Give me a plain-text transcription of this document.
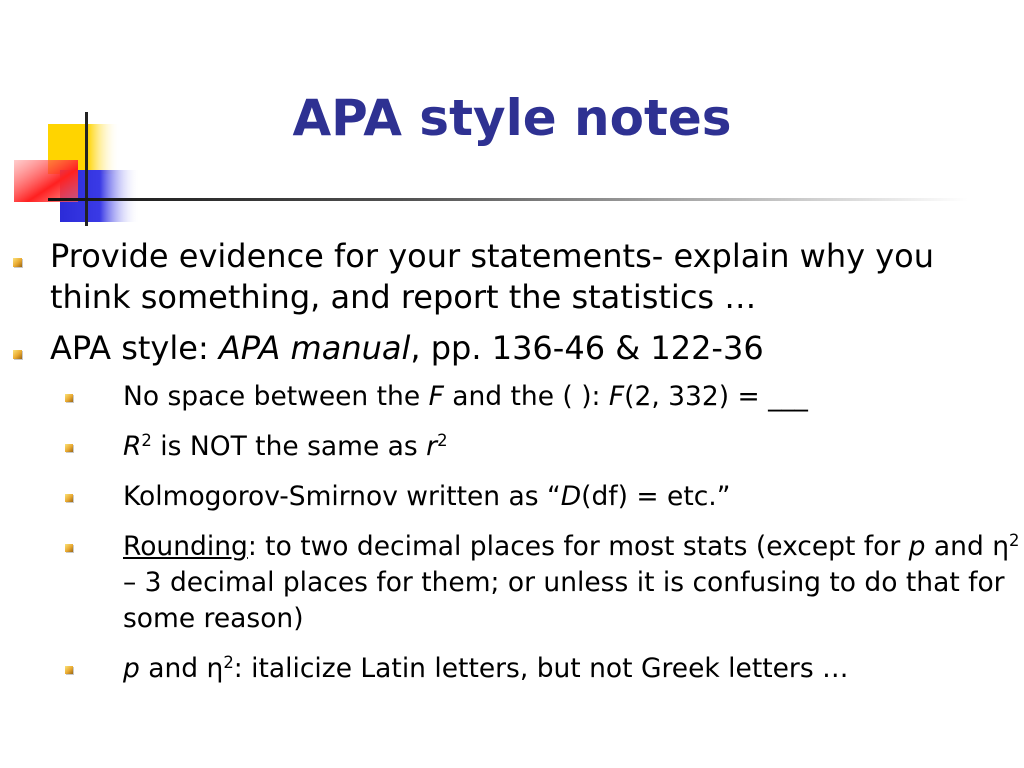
APA style notes
Provide evidence for your statements- explain why you think something, and report the statistics …
APA style: APA manual, pp. 136-46 & 122-36
No space between the F and the ( ): F(2, 332) = ___
$R^2$ is NOT the same as $r^2$
Kolmogorov-Smirnov written as “D(df) = etc.”
Rounding: to two decimal places for most stats (except for p and $\eta^2 - 3$ decimal places for them; or unless it is confusing to do that for some reason)
p and $\eta^2$: italicize Latin letters, but not Greek letters …
